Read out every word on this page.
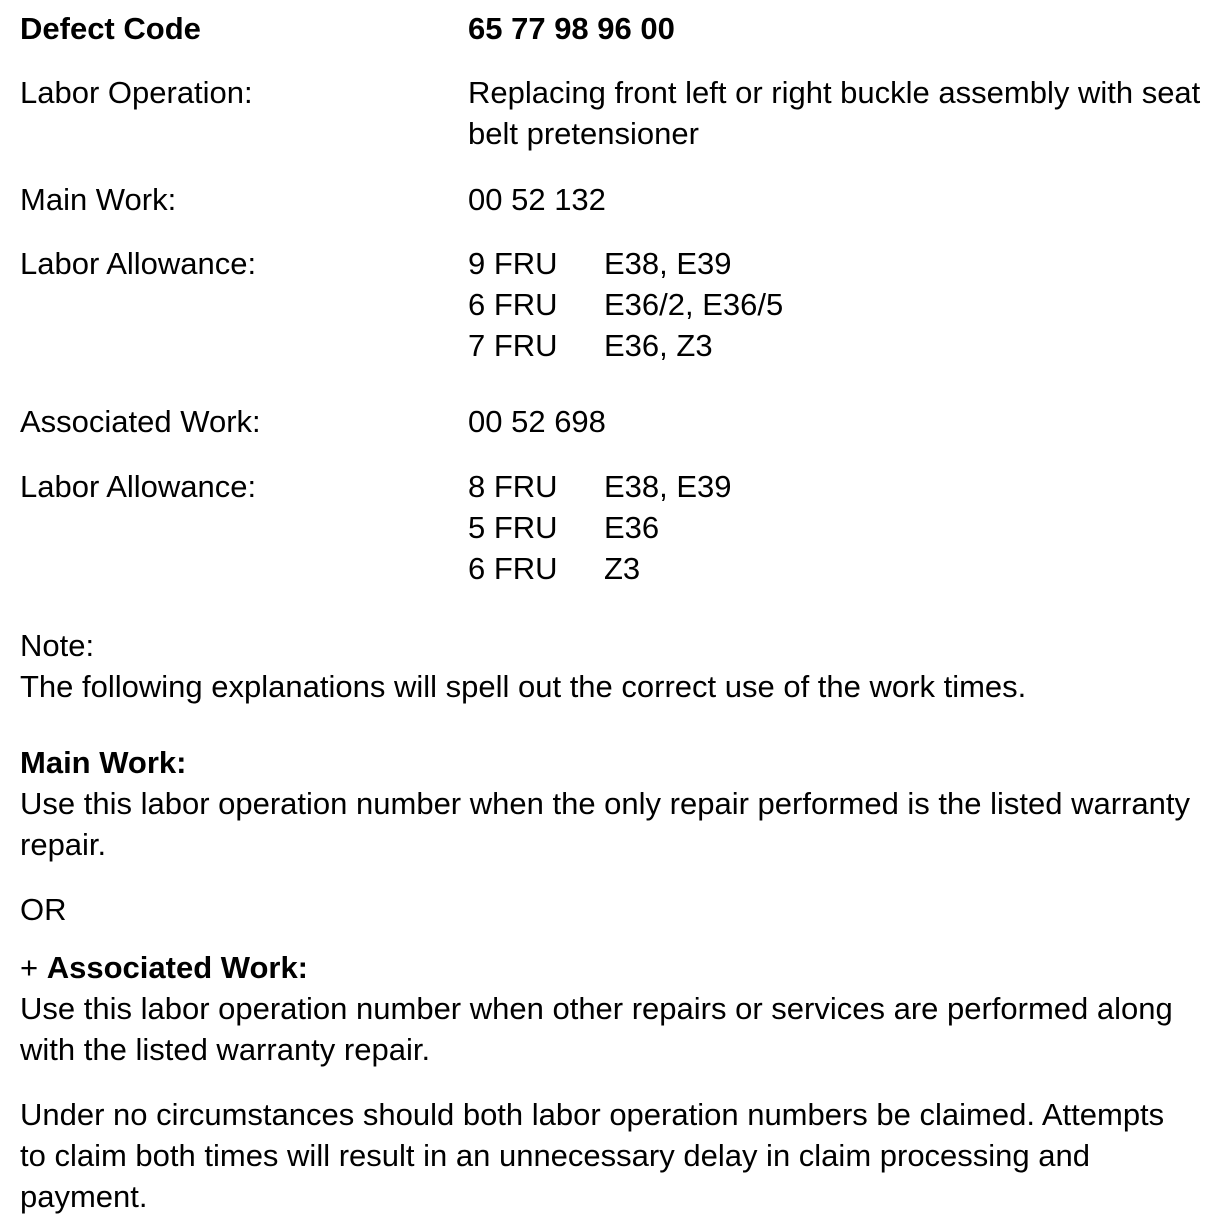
Defect Code	65 77 98 96 00
Labor Operation:	Replacing front left or right buckle assembly with seat belt pretensioner
Main Work:	00 52 132
Labor Allowance:	9 FRU E38, E39
6 FRU E36/2, E36/5
7 FRU E36, Z3
Associated Work:	00 52 698
Labor Allowance:	8 FRU E38, E39
5 FRU E36
6 FRU Z3
Note:
The following explanations will spell out the correct use of the work times.
Main Work:
Use this labor operation number when the only repair performed is the listed warranty repair.
OR
+ Associated Work:
Use this labor operation number when other repairs or services are performed along with the listed warranty repair.
Under no circumstances should both labor operation numbers be claimed. Attempts to claim both times will result in an unnecessary delay in claim processing and payment.
